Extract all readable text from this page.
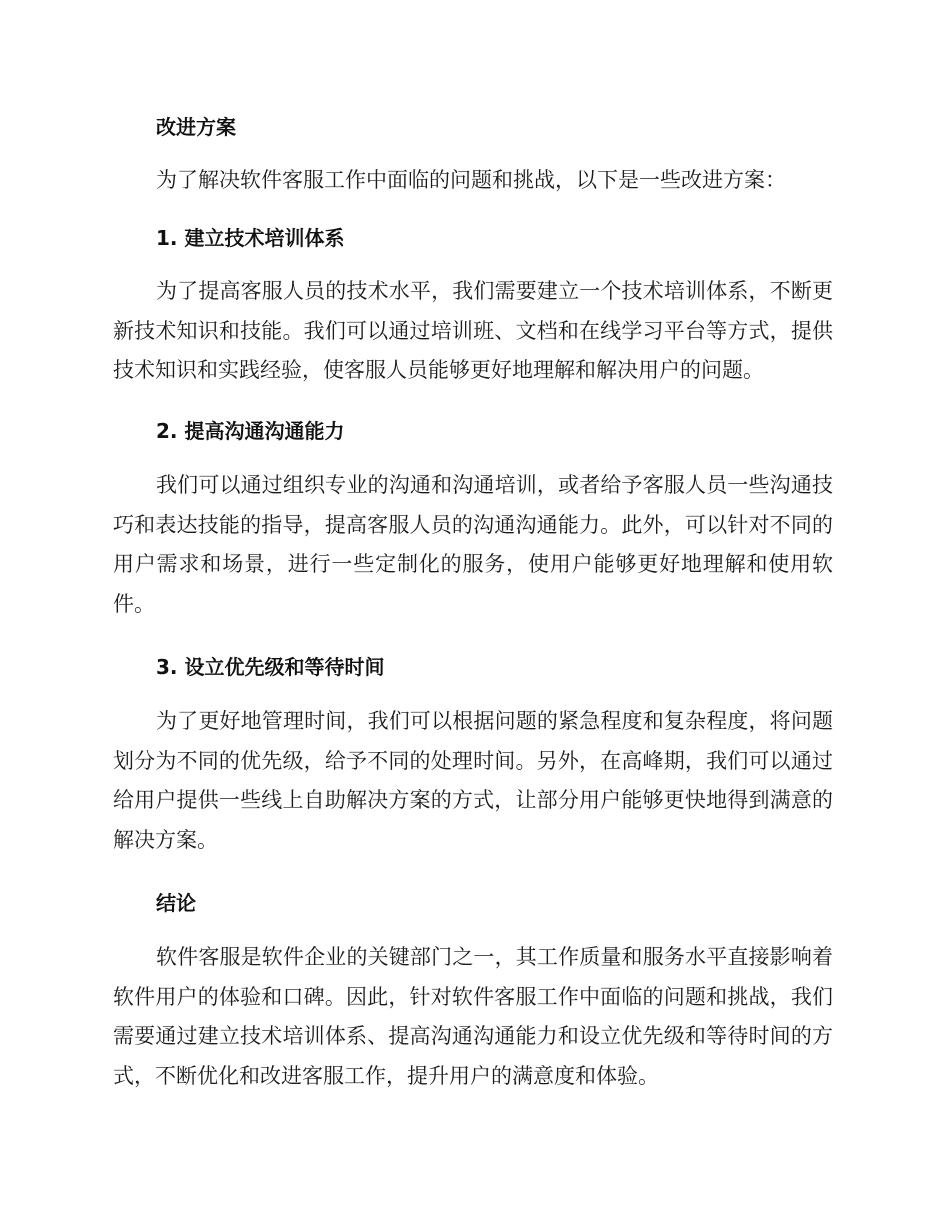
改进方案

为了解决软件客服工作中面临的问题和挑战，以下是一些改进方案：

1. 建立技术培训体系

为了提高客服人员的技术水平，我们需要建立一个技术培训体系，不断更新技术知识和技能。我们可以通过培训班、文档和在线学习平台等方式，提供技术知识和实践经验，使客服人员能够更好地理解和解决用户的问题。

2. 提高沟通沟通能力

我们可以通过组织专业的沟通和沟通培训，或者给予客服人员一些沟通技巧和表达技能的指导，提高客服人员的沟通沟通能力。此外，可以针对不同的用户需求和场景，进行一些定制化的服务，使用户能够更好地理解和使用软件。

3. 设立优先级和等待时间

为了更好地管理时间，我们可以根据问题的紧急程度和复杂程度，将问题划分为不同的优先级，给予不同的处理时间。另外，在高峰期，我们可以通过给用户提供一些线上自助解决方案的方式，让部分用户能够更快地得到满意的解决方案。

结论

软件客服是软件企业的关键部门之一，其工作质量和服务水平直接影响着软件用户的体验和口碑。因此，针对软件客服工作中面临的问题和挑战，我们需要通过建立技术培训体系、提高沟通沟通能力和设立优先级和等待时间的方式，不断优化和改进客服工作，提升用户的满意度和体验。
